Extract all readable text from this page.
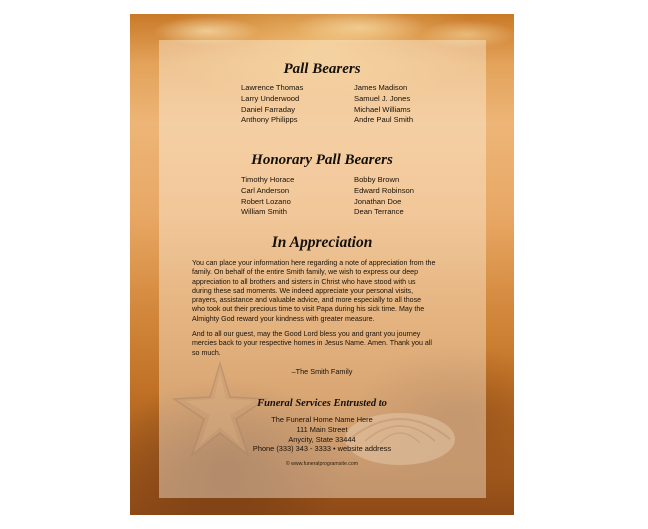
Pall Bearers
Lawrence Thomas
Larry Underwood
Daniel Farraday
Anthony Philipps
James Madison
Samuel J. Jones
Michael Williams
Andre Paul Smith
Honorary Pall Bearers
Timothy Horace
Carl Anderson
Robert Lozano
William Smith
Bobby Brown
Edward Robinson
Jonathan Doe
Dean Terrance
In Appreciation
You can place your information here regarding a note of appreciation from the
family. On behalf of the entire Smith family, we wish to express our deep
appreciation to all brothers and sisters in Christ who have stood with us
during these sad moments. We indeed appreciate your personal visits,
prayers, assistance and valuable advice, and more especially to all those
who took out their precious time to visit Papa during his sick time. May the
Almighty God reward your kindness with greater measure.
And to all our guest, may the Good Lord bless you and grant you journey
mercies back to your respective homes in Jesus Name. Amen. Thank you all
so much.
–The Smith Family
Funeral Services Entrusted to
The Funeral Home Name Here
111 Main Street
Anycity, State 33444
Phone (333) 343 - 3333 • website address
© www.funeralprogramsite.com
